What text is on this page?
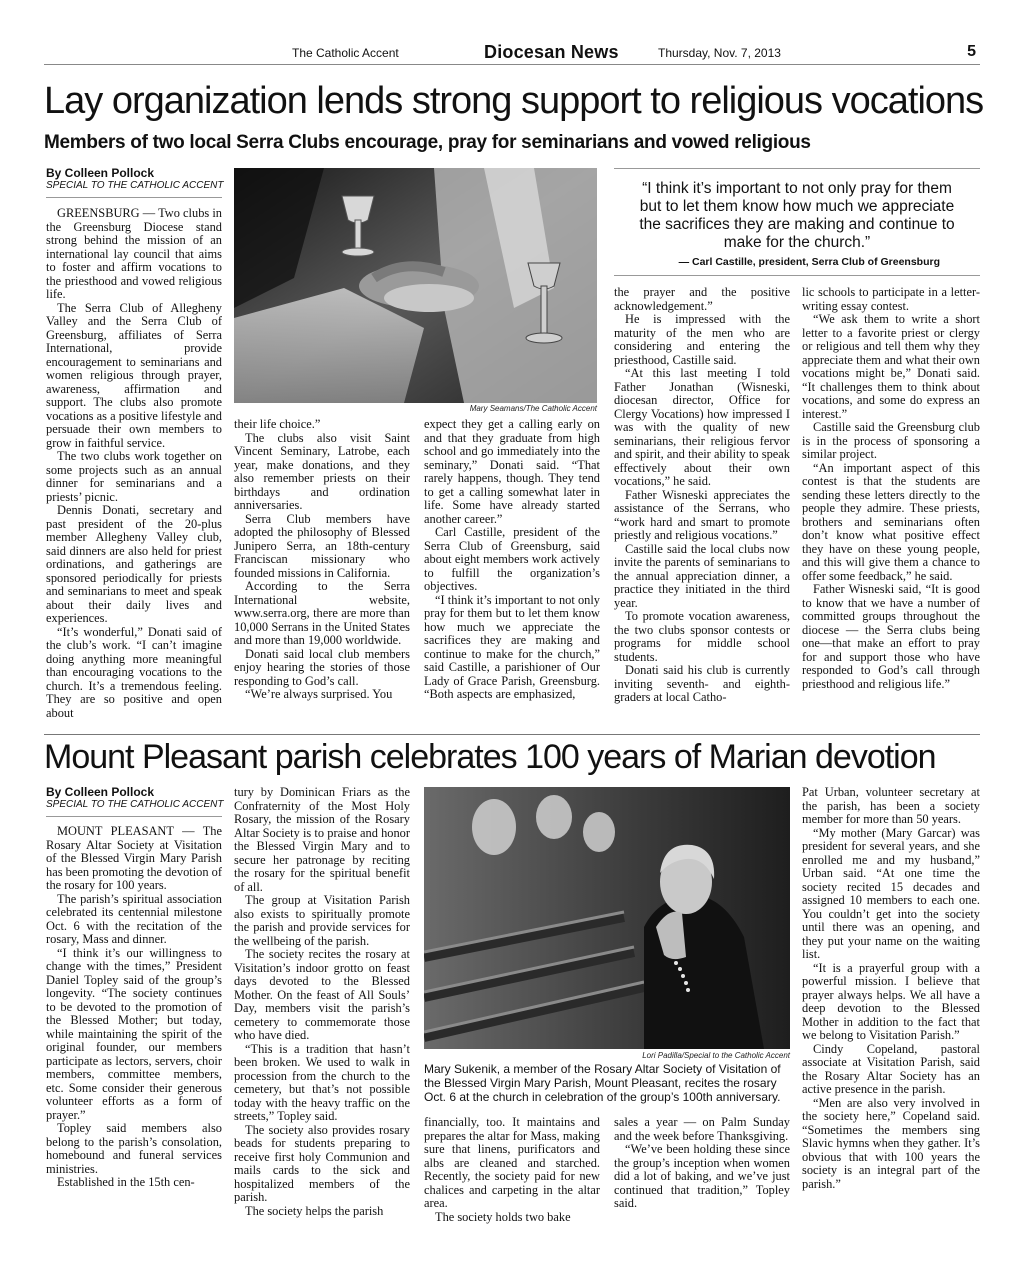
The Catholic Accent	Diocesan News	Thursday, Nov. 7, 2013	5
Lay organization lends strong support to religious vocations
Members of two local Serra Clubs encourage, pray for seminarians and vowed religious
By Colleen Pollock
SPECIAL TO THE CATHOLIC ACCENT
Mary Seamans/The Catholic Accent
“I think it’s important to not only pray for them but to let them know how much we appreciate the sacrifices they are making and continue to make for the church.”
— Carl Castille, president, Serra Club of Greensburg

GREENSBURG — Two clubs in the Greensburg Diocese stand strong behind the mission of an international lay council that aims to foster and affirm vocations to the priesthood and vowed religious life.

The Serra Club of Allegheny Valley and the Serra Club of Greensburg, affiliates of Serra International, provide encouragement to seminarians and women religious through prayer, awareness, affirmation and support. The clubs also promote vocations as a positive lifestyle and persuade their own members to grow in faithful service.

The two clubs work together on some projects such as an annual dinner for seminarians and a priests’ picnic.

Dennis Donati, secretary and past president of the 20-plus member Allegheny Valley club, said dinners are also held for priest ordinations, and gatherings are sponsored periodically for priests and seminarians to meet and speak about their daily lives and experiences.

“It’s wonderful,” Donati said of the club’s work. “I can’t imagine doing anything more meaningful than encouraging vocations to the church. It’s a tremendous feeling. They are so positive and open about

their life choice.”

The clubs also visit Saint Vincent Seminary, Latrobe, each year, make donations, and they also remember priests on their birthdays and ordination anniversaries.

Serra Club members have adopted the philosophy of Blessed Junipero Serra, an 18th-century Franciscan missionary who founded missions in California.

According to the Serra International website, www.serra.org, there are more than 10,000 Serrans in the United States and more than 19,000 worldwide.

Donati said local club members enjoy hearing the stories of those responding to God’s call.

“We’re always surprised. You

expect they get a calling early on and that they graduate from high school and go immediately into the seminary,” Donati said. “That rarely happens, though. They tend to get a calling somewhat later in life. Some have already started another career.”

Carl Castille, president of the Serra Club of Greensburg, said about eight members work actively to fulfill the organization’s objectives.

“I think it’s important to not only pray for them but to let them know how much we appreciate the sacrifices they are making and continue to make for the church,” said Castille, a parishioner of Our Lady of Grace Parish, Greensburg. “Both aspects are emphasized,

the prayer and the positive acknowledgement.”

He is impressed with the maturity of the men who are considering and entering the priesthood, Castille said.

“At this last meeting I told Father Jonathan (Wisneski, diocesan director, Office for Clergy Vocations) how impressed I was with the quality of new seminarians, their religious fervor and spirit, and their ability to speak effectively about their own vocations,” he said.

Father Wisneski appreciates the assistance of the Serrans, who “work hard and smart to promote priestly and religious vocations.”

Castille said the local clubs now invite the parents of seminarians to the annual appreciation dinner, a practice they initiated in the third year.

To promote vocation awareness, the two clubs sponsor contests or programs for middle school students.

Donati said his club is currently inviting seventh- and eighth-graders at local Catho-

lic schools to participate in a letter-writing essay contest.

“We ask them to write a short letter to a favorite priest or clergy or religious and tell them why they appreciate them and what their own vocations might be,” Donati said. “It challenges them to think about vocations, and some do express an interest.”

Castille said the Greensburg club is in the process of sponsoring a similar project.

“An important aspect of this contest is that the students are sending these letters directly to the people they admire. These priests, brothers and seminarians often don’t know what positive effect they have on these young people, and this will give them a chance to offer some feedback,” he said.

Father Wisneski said, “It is good to know that we have a number of committed groups throughout the diocese — the Serra clubs being one—that make an effort to pray for and support those who have responded to God’s call through priesthood and religious life.”

Mount Pleasant parish celebrates 100 years of Marian devotion
By Colleen Pollock
SPECIAL TO THE CATHOLIC ACCENT
Lori Padilla/Special to the Catholic Accent
Mary Sukenik, a member of the Rosary Altar Society of Visitation of the Blessed Virgin Mary Parish, Mount Pleasant, recites the rosary Oct. 6 at the church in celebration of the group’s 100th anniversary.

MOUNT PLEASANT — The Rosary Altar Society at Visitation of the Blessed Virgin Mary Parish has been promoting the devotion of the rosary for 100 years.

The parish’s spiritual association celebrated its centennial milestone Oct. 6 with the recitation of the rosary, Mass and dinner.

“I think it’s our willingness to change with the times,” President Daniel Topley said of the group’s longevity. “The society continues to be devoted to the promotion of the Blessed Mother; but today, while maintaining the spirit of the original founder, our members participate as lectors, servers, choir members, committee members, etc. Some consider their generous volunteer efforts as a form of prayer.”

Topley said members also belong to the parish’s consolation, homebound and funeral services ministries.

Established in the 15th cen-

tury by Dominican Friars as the Confraternity of the Most Holy Rosary, the mission of the Rosary Altar Society is to praise and honor the Blessed Virgin Mary and to secure her patronage by reciting the rosary for the spiritual benefit of all.

The group at Visitation Parish also exists to spiritually promote the parish and provide services for the wellbeing of the parish.

The society recites the rosary at Visitation’s indoor grotto on feast days devoted to the Blessed Mother. On the feast of All Souls’ Day, members visit the parish’s cemetery to commemorate those who have died.

“This is a tradition that hasn’t been broken. We used to walk in procession from the church to the cemetery, but that’s not possible today with the heavy traffic on the streets,” Topley said.

The society also provides rosary beads for students preparing to receive first holy Communion and mails cards to the sick and hospitalized members of the parish.

The society helps the parish

financially, too. It maintains and prepares the altar for Mass, making sure that linens, purificators and albs are cleaned and starched. Recently, the society paid for new chalices and carpeting in the altar area.

The society holds two bake

sales a year — on Palm Sunday and the week before Thanksgiving.

“We’ve been holding these since the group’s inception when women did a lot of baking, and we’ve just continued that tradition,” Topley said.

Pat Urban, volunteer secretary at the parish, has been a society member for more than 50 years.

“My mother (Mary Garcar) was president for several years, and she enrolled me and my husband,” Urban said. “At one time the society recited 15 decades and assigned 10 members to each one. You couldn’t get into the society until there was an opening, and they put your name on the waiting list.

“It is a prayerful group with a powerful mission. I believe that prayer always helps. We all have a deep devotion to the Blessed Mother in addition to the fact that we belong to Visitation Parish.”

Cindy Copeland, pastoral associate at Visitation Parish, said the Rosary Altar Society has an active presence in the parish.

“Men are also very involved in the society here,” Copeland said. “Sometimes the members sing Slavic hymns when they gather. It’s obvious that with 100 years the society is an integral part of the parish.”
